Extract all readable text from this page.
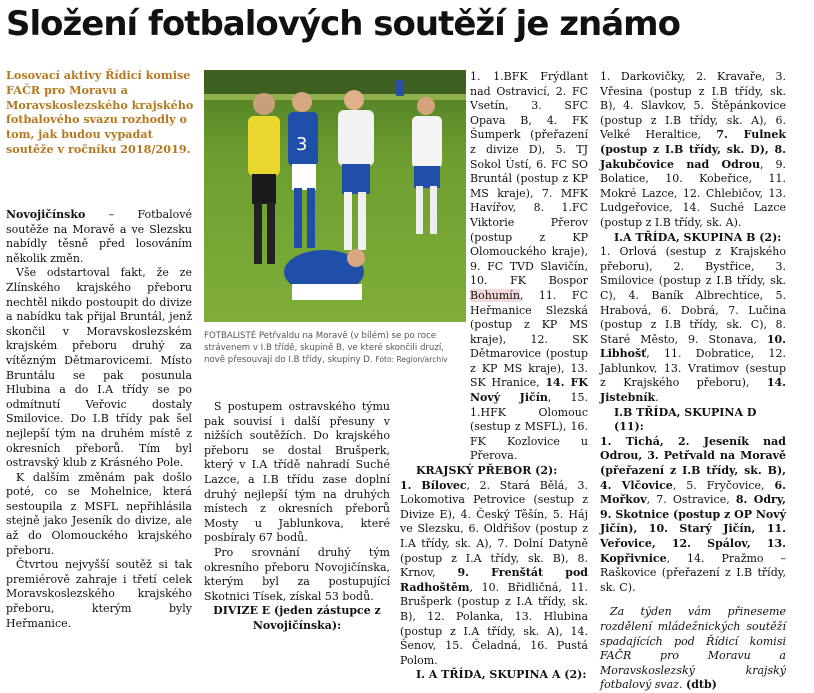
Složení fotbalových soutěží je známo
Losovací aktivy Řídicí komise FAČR pro Moravu a Moravskoslezského krajského fotbalového svazu rozhodly o tom, jak budou vypadat soutěže v ročníku 2018/2019.

Novojičínsko – Fotbalové soutěže na Moravě a ve Slezsku nabídly těsně před losováním několik změn.

Vše odstartoval fakt, že ze Zlínského krajského přeboru nechtěl nikdo postoupit do divize a nabídku tak přijal Bruntál, jenž skončil v Moravskoslezském krajském přeboru druhý za vítězným Dětmarovicemi. Místo Bruntálu se pak posunula Hlubina a do I.A třídy se po odmítnutí Veřovic dostaly Smilovice. Do I.B třídy pak šel nejlepší tým na druhém místě z okresních přeborů. Tím byl ostravský klub z Krásného Pole.

K dalším změnám pak došlo poté, co se Mohelnice, která sestoupila z MSFL nepřihlásila stejně jako Jeseník do divize, ale až do Olomouckého krajského přeboru.

Čtvrtou nejvyšší soutěž si tak premiérově zahraje i třetí celek Moravskoslezského krajského přeboru, kterým byly Heřmanice.

3
FOTBALISTÉ Petřvaldu na Moravě (v bílém) se po roce strávenem v I.B třídě, skupině B, ve které skončili druzí, nově přesouvají do I.B třídy, skupiny D. Foto: Region/archiv

S postupem ostravského týmu pak souvisí i další přesuny v nižších soutěžích. Do krajského přeboru se dostal Brušperk, který v I.A třídě nahradí Suché Lazce, a I.B třídu zase doplní druhý nejlepší tým na druhých místech z okresních přeborů Mosty u Jablunkova, které posbíraly 67 bodů.

Pro srovnání druhý tým okresního přeboru Novojičínska, kterým byl za postupující Skotnici Tísek, získal 53 bodů.

DIVIZE E (jeden zástupce z Novojičínska):

1. 1.BFK Frýdlant nad Ostravicí, 2. FC Vsetín, 3. SFC Opava B, 4. FK Šumperk (přeřazení z divize D), 5. TJ Sokol Ústí, 6. FC SO Bruntál (postup z KP MS kraje), 7. MFK Havířov, 8. 1.FC Viktorie Přerov (postup z KP Olomouckého kraje), 9. FC TVD Slavičín, 10. FK Bospor Bohumín, 11. FC Heřmanice Slezská (postup z KP MS kraje), 12. SK Dětmarovice (postup z KP MS kraje), 13. SK Hranice, 14. FK Nový Jičín, 15. 1.HFK Olomouc (sestup z MSFL), 16. FK Kozlovice u Přerova.

KRAJSKÝ PŘEBOR (2):

1. Bílovec, 2. Stará Bělá, 3. Lokomotiva Petrovice (sestup z Divize E), 4. Český Těšín, 5. Háj ve Slezsku, 6. Oldřišov (postup z I.A třídy, sk. A), 7. Dolní Datyně (postup z I.A třídy, sk. B), 8. Krnov, 9. Frenštát pod Radhoštěm, 10. Břidličná, 11. Brušperk (postup z I.A třídy, sk. B), 12. Polanka, 13. Hlubina (postup z I.A třídy, sk. A), 14. Šenov, 15. Čeladná, 16. Pustá Polom.

I. A TŘÍDA, SKUPINA A (2):

1. Darkovičky, 2. Kravaře, 3. Vřesina (postup z I.B třídy, sk. B), 4. Slavkov, 5. Štěpánkovice (postup z I.B třídy, sk. A), 6. Velké Heraltice, 7. Fulnek (postup z I.B třídy, sk. D), 8. Jakubčovice nad Odrou, 9. Bolatice, 10. Kobeřice, 11. Mokré Lazce, 12. Chlebičov, 13. Ludgeřovice, 14. Suché Lazce (postup z I.B třídy, sk. A).

I.A TŘÍDA, SKUPINA B (2):

1. Orlová (sestup z Krajského přeboru), 2. Bystřice, 3. Smilovice (postup z I.B třídy, sk. C), 4. Baník Albrechtice, 5. Hrabová, 6. Dobrá, 7. Lučina (postup z I.B třídy, sk. C), 8. Staré Město, 9. Stonava, 10. Libhošť, 11. Dobratice, 12. Jablunkov, 13. Vratimov (sestup z Krajského přeboru), 14. Jistebník.

I.B TŘÍDA, SKUPINA D (11):

1. Tichá, 2. Jeseník nad Odrou, 3. Petřvald na Moravě (přeřazení z I.B třídy, sk. B), 4. Vlčovice, 5. Fryčovice, 6. Mořkov, 7. Ostravice, 8. Odry, 9. Skotnice (postup z OP Nový Jičín), 10. Starý Jičín, 11. Veřovice, 12. Spálov, 13. Kopřivnice, 14. Pražmo – Raškovice (přeřazení z I.B třídy, sk. C).

Za týden vám přineseme rozdělení mládežnických soutěží spadajících pod Řídicí komisi FAČR pro Moravu a Moravskoslezský krajský fotbalový svaz. (dtb)
